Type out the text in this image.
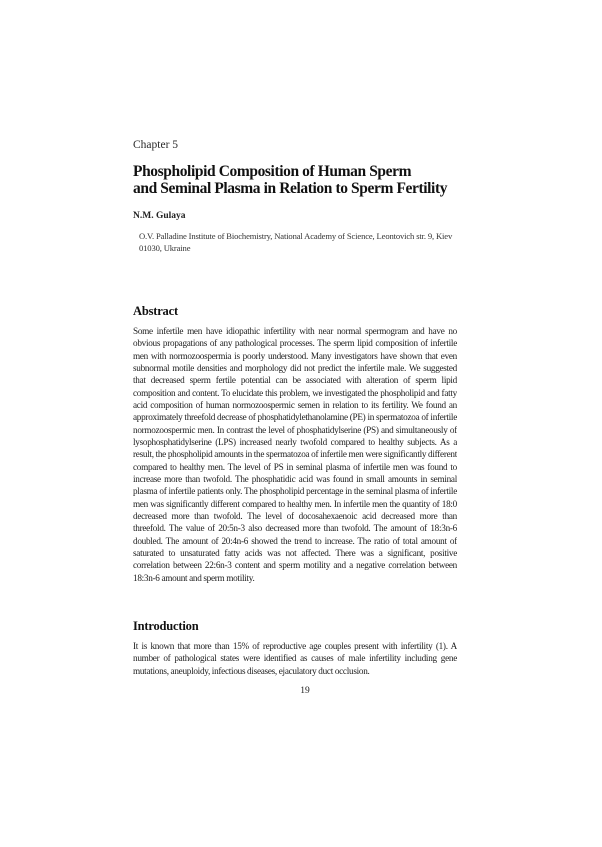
Chapter 5
Phospholipid Composition of Human Sperm
and Seminal Plasma in Relation to Sperm Fertility
N.M. Gulaya
O.V. Palladine Institute of Biochemistry, National Academy of Science, Leontovich str. 9, Kiev 01030, Ukraine
Abstract
Some infertile men have idiopathic infertility with near normal spermogram and have no obvious propagations of any pathological processes. The sperm lipid composition of infertile men with normozoospermia is poorly understood. Many investigators have shown that even subnormal motile densities and morphology did not predict the infertile male. We suggested that decreased sperm fertile potential can be associated with alteration of sperm lipid composition and content. To elucidate this problem, we investigated the phospholipid and fatty acid composition of human normozoospermic semen in relation to its fertility. We found an approximately threefold decrease of phosphatidylethanolamine (PE) in spermatozoa of infertile normozoospermic men. In contrast the level of phosphatidylserine (PS) and simultaneously of lysophosphatidylserine (LPS) increased nearly twofold compared to healthy subjects. As a result, the phospholipid amounts in the spermatozoa of infertile men were significantly different compared to healthy men. The level of PS in seminal plasma of infertile men was found to increase more than twofold. The phosphatidic acid was found in small amounts in seminal plasma of infertile patients only. The phospholipid percentage in the seminal plasma of infertile men was significantly different compared to healthy men. In infertile men the quantity of 18:0 decreased more than twofold. The level of docosahexaenoic acid decreased more than threefold. The value of 20:5n-3 also decreased more than twofold. The amount of 18:3n-6 doubled. The amount of 20:4n-6 showed the trend to increase. The ratio of total amount of saturated to unsaturated fatty acids was not affected. There was a significant, positive correlation between 22:6n-3 content and sperm motility and a negative correlation between 18:3n-6 amount and sperm motility.
Introduction
It is known that more than 15% of reproductive age couples present with infertility (1). A number of pathological states were identified as causes of male infertility including gene mutations, aneuploidy, infectious diseases, ejaculatory duct occlusion.
19
